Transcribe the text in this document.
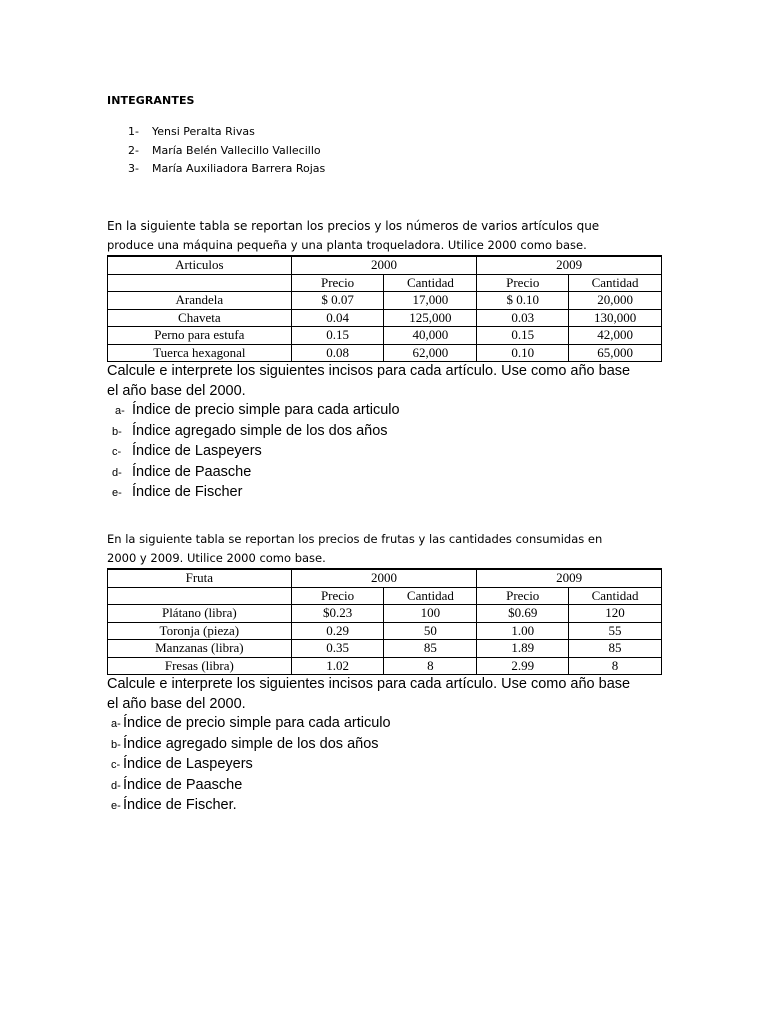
INTEGRANTES
1- Yensi Peralta Rivas
2- María Belén Vallecillo Vallecillo
3- María Auxiliadora Barrera Rojas
En la siguiente tabla se reportan los precios y los números de varios artículos que
produce una máquina pequeña y una planta troqueladora. Utilice 2000 como base.
Articulos	2000		2009	
	Precio	Cantidad	Precio	Cantidad
Arandela	$ 0.07	17,000	$ 0.10	20,000
Chaveta	0.04	125,000	0.03	130,000
Perno para estufa	0.15	40,000	0.15	42,000
Tuerca hexagonal	0.08	62,000	0.10	65,000
Calcule e interprete los siguientes incisos para cada artículo. Use como año base
el año base del 2000.
a- Índice de precio simple para cada articulo
b- Índice agregado simple de los dos años
c- Índice de Laspeyers
d- Índice de Paasche
e- Índice de Fischer
En la siguiente tabla se reportan los precios de frutas y las cantidades consumidas en
2000 y 2009. Utilice 2000 como base.
Fruta	2000		2009	
	Precio	Cantidad	Precio	Cantidad
Plátano (libra)	$0.23	100	$0.69	120
Toronja (pieza)	0.29	50	1.00	55
Manzanas (libra)	0.35	85	1.89	85
Fresas (libra)	1.02	8	2.99	8
Calcule e interprete los siguientes incisos para cada artículo. Use como año base
el año base del 2000.
a- Índice de precio simple para cada articulo
b- Índice agregado simple de los dos años
c- Índice de Laspeyers
d- Índice de Paasche
e- Índice de Fischer.
